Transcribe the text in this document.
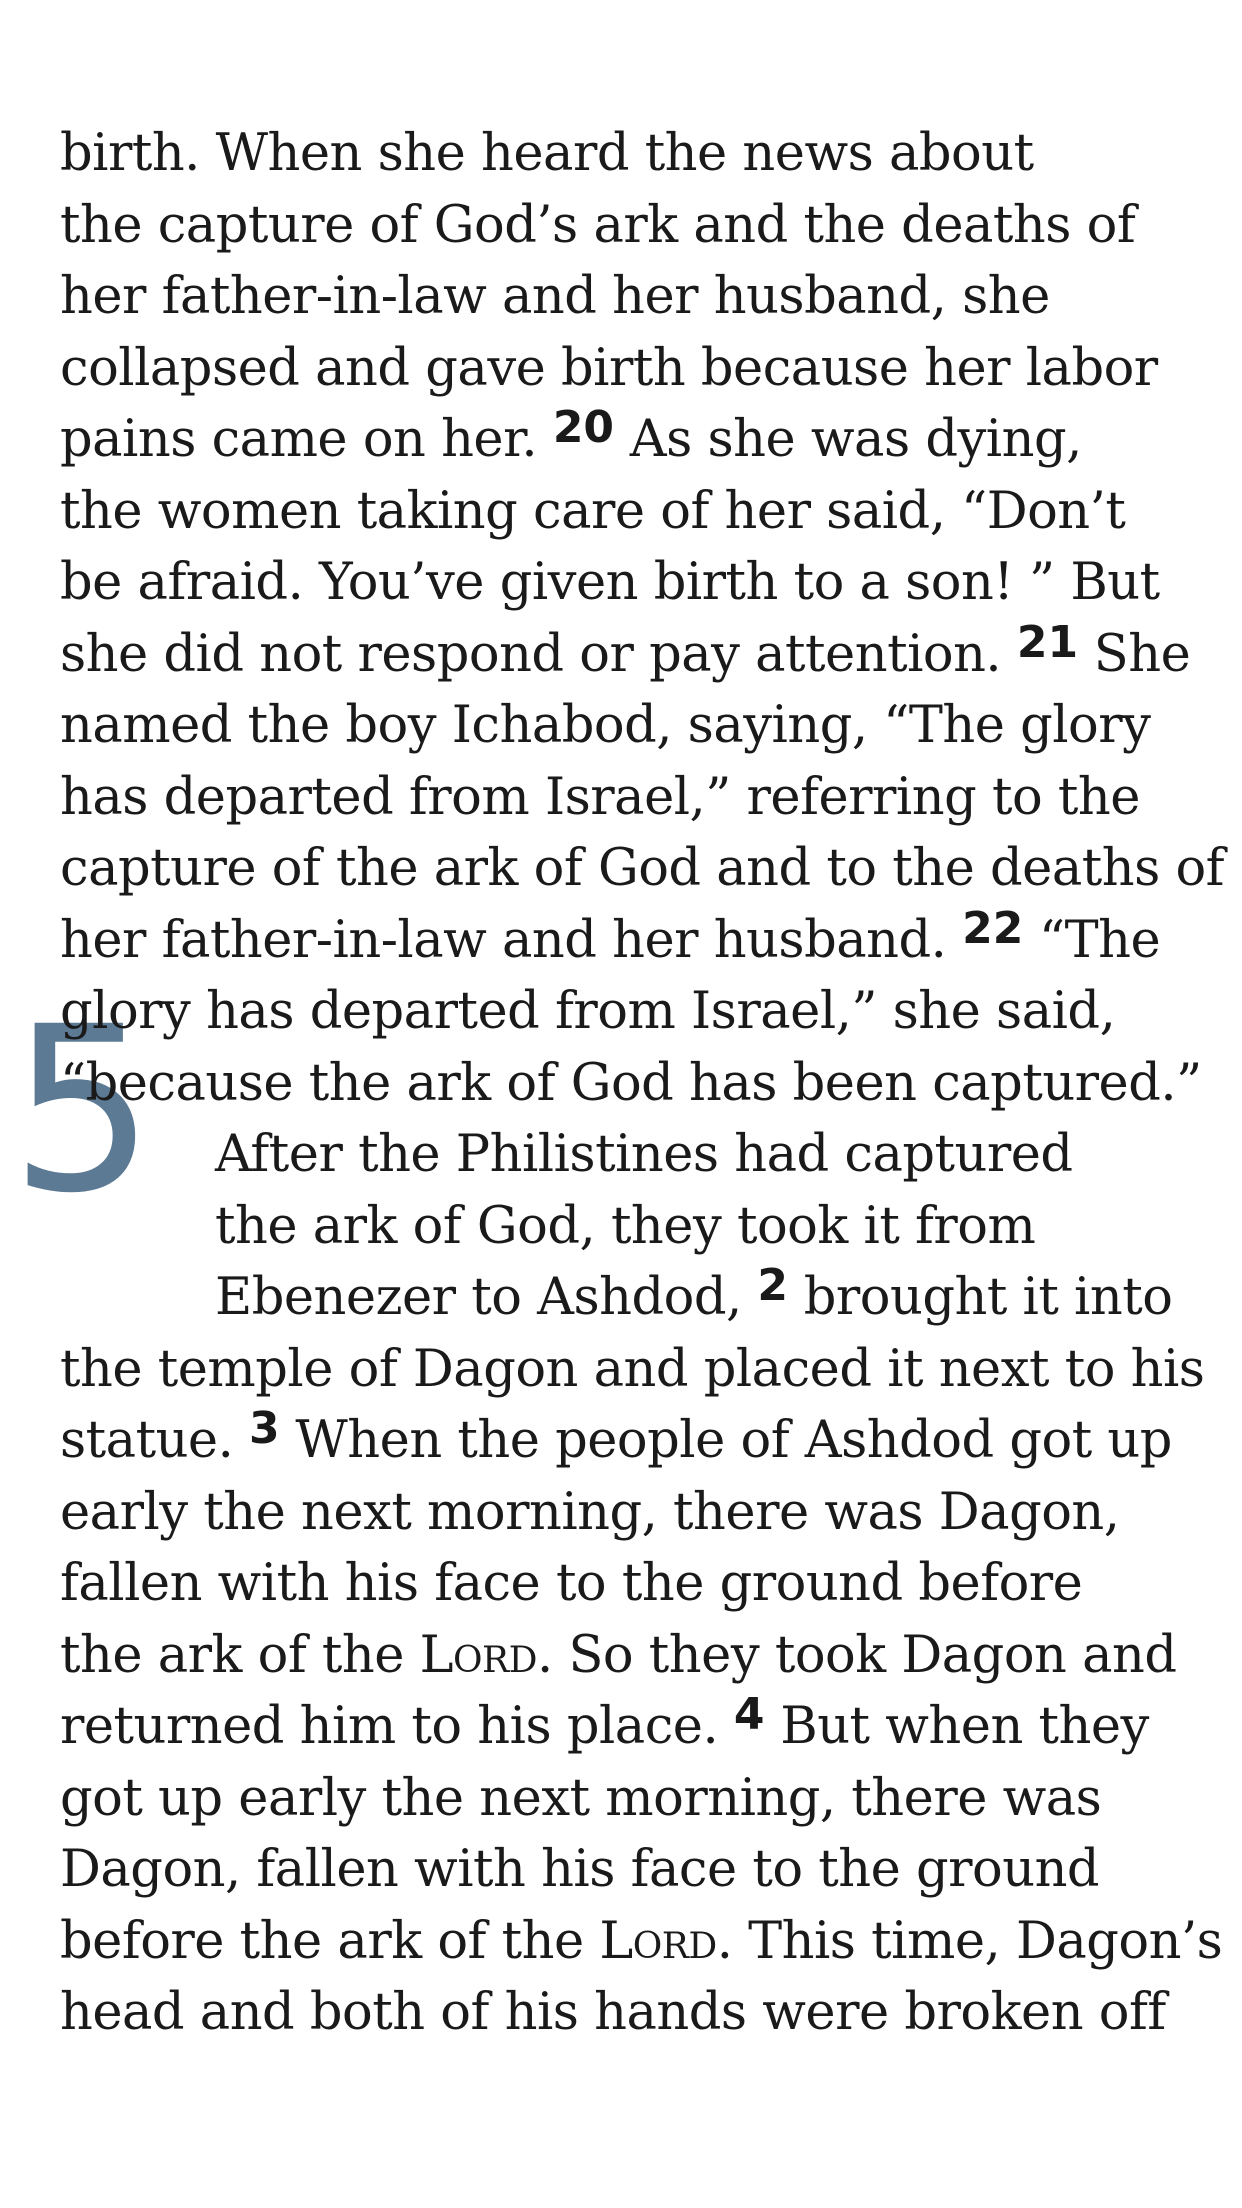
5
birth. When she heard the news about
the capture of God’s ark and the deaths of
her father-in-law and her husband, she
collapsed and gave birth because her labor
pains came on her. 20 As she was dying,
the women taking care of her said, “Don’t
be afraid. You’ve given birth to a son! ” But
she did not respond or pay attention. 21 She
named the boy Ichabod, saying, “The glory
has departed from Israel,” referring to the
capture of the ark of God and to the deaths of
her father-in-law and her husband. 22 “The
glory has departed from Israel,” she said,
“because the ark of God has been captured.”
After the Philistines had captured
the ark of God, they took it from
Ebenezer to Ashdod, 2 brought it into
the temple of Dagon and placed it next to his
statue. 3 When the people of Ashdod got up
early the next morning, there was Dagon,
fallen with his face to the ground before
the ark of the Lord. So they took Dagon and
returned him to his place. 4 But when they
got up early the next morning, there was
Dagon, fallen with his face to the ground
before the ark of the Lord. This time, Dagon’s
head and both of his hands were broken off
